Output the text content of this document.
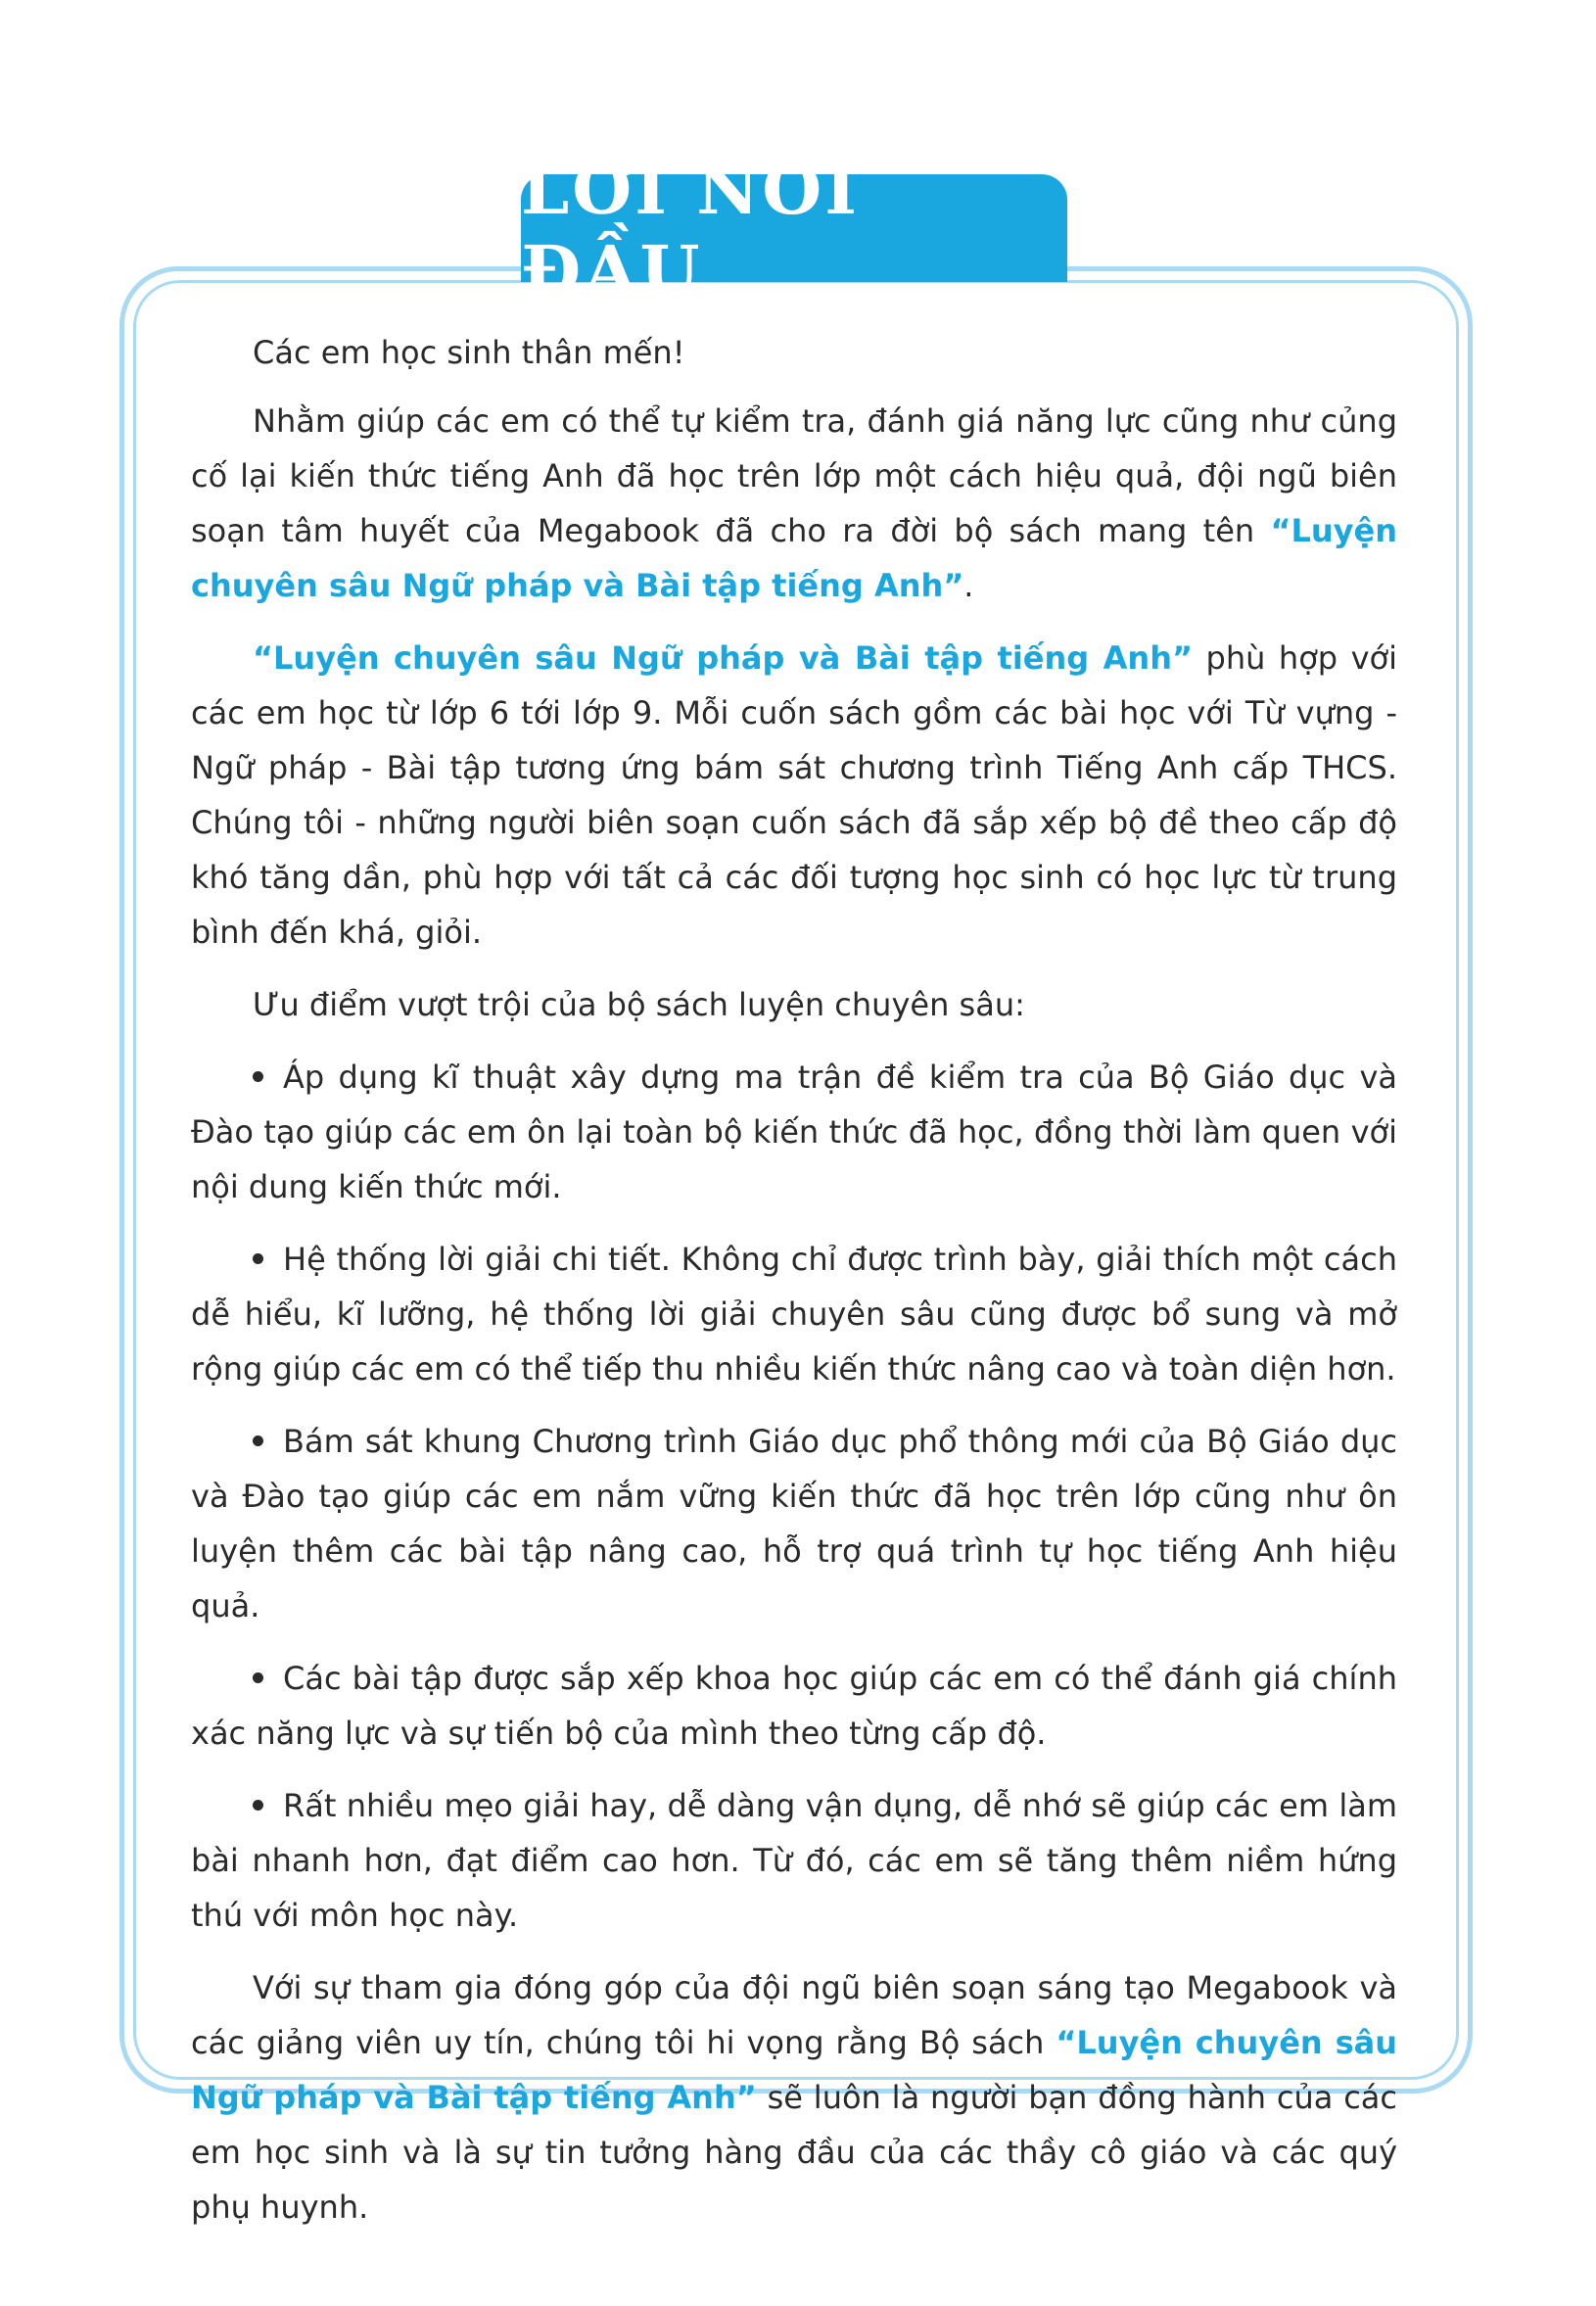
LỜI NÓI ĐẦU

Các em học sinh thân mến!

Nhằm giúp các em có thể tự kiểm tra, đánh giá năng lực cũng như củng cố lại kiến thức tiếng Anh đã học trên lớp một cách hiệu quả, đội ngũ biên soạn tâm huyết của Megabook đã cho ra đời bộ sách mang tên “Luyện chuyên sâu Ngữ pháp và Bài tập tiếng Anh”.

“Luyện chuyên sâu Ngữ pháp và Bài tập tiếng Anh” phù hợp với các em học từ lớp 6 tới lớp 9. Mỗi cuốn sách gồm các bài học với Từ vựng - Ngữ pháp - Bài tập tương ứng bám sát chương trình Tiếng Anh cấp THCS. Chúng tôi - những người biên soạn cuốn sách đã sắp xếp bộ đề theo cấp độ khó tăng dần, phù hợp với tất cả các đối tượng học sinh có học lực từ trung bình đến khá, giỏi.

Ưu điểm vượt trội của bộ sách luyện chuyên sâu:

Áp dụng kĩ thuật xây dựng ma trận đề kiểm tra của Bộ Giáo dục và Đào tạo giúp các em ôn lại toàn bộ kiến thức đã học, đồng thời làm quen với nội dung kiến thức mới.

Hệ thống lời giải chi tiết. Không chỉ được trình bày, giải thích một cách dễ hiểu, kĩ lưỡng, hệ thống lời giải chuyên sâu cũng được bổ sung và mở rộng giúp các em có thể tiếp thu nhiều kiến thức nâng cao và toàn diện hơn.

Bám sát khung Chương trình Giáo dục phổ thông mới của Bộ Giáo dục và Đào tạo giúp các em nắm vững kiến thức đã học trên lớp cũng như ôn luyện thêm các bài tập nâng cao, hỗ trợ quá trình tự học tiếng Anh hiệu quả.

Các bài tập được sắp xếp khoa học giúp các em có thể đánh giá chính xác năng lực và sự tiến bộ của mình theo từng cấp độ.

Rất nhiều mẹo giải hay, dễ dàng vận dụng, dễ nhớ sẽ giúp các em làm bài nhanh hơn, đạt điểm cao hơn. Từ đó, các em sẽ tăng thêm niềm hứng thú với môn học này.

Với sự tham gia đóng góp của đội ngũ biên soạn sáng tạo Megabook và các giảng viên uy tín, chúng tôi hi vọng rằng Bộ sách “Luyện chuyên sâu Ngữ pháp và Bài tập tiếng Anh” sẽ luôn là người bạn đồng hành của các em học sinh và là sự tin tưởng hàng đầu của các thầy cô giáo và các quý phụ huynh.
